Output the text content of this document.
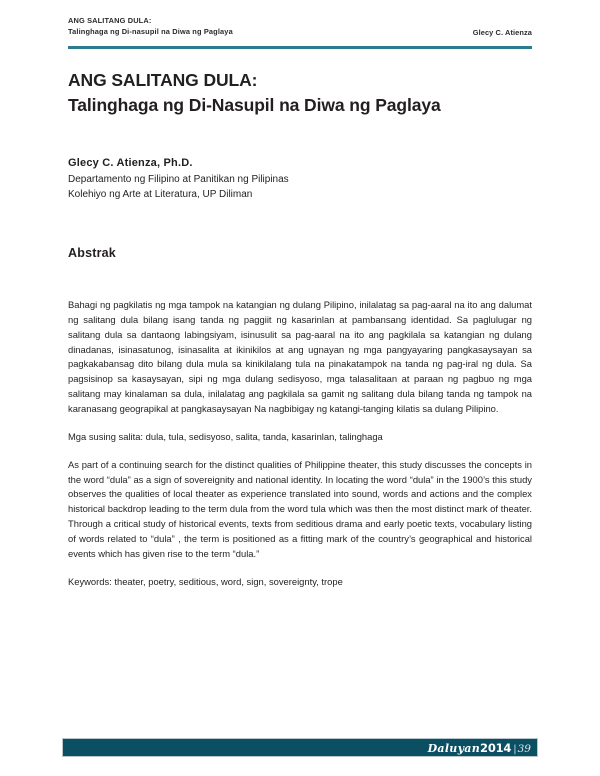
ANG SALITANG DULA:
Talinghaga ng Di-nasupil na Diwa ng Paglaya	Glecy C. Atienza
ANG SALITANG DULA:
Talinghaga ng Di-Nasupil na Diwa ng Paglaya
Glecy C. Atienza, Ph.D.
Departamento ng Filipino at Panitikan ng Pilipinas
Kolehiyo ng Arte at Literatura, UP Diliman
Abstrak

Bahagi ng pagkilatis ng mga tampok na katangian ng dulang Pilipino, inilalatag sa pag-aaral na ito ang dalumat ng salitang dula bilang isang tanda ng paggiit ng kasarinlan at pambansang identidad. Sa paglulugar ng salitang dula sa dantaong labingsiyam, isinusulit sa pag-aaral na ito ang pagkilala sa katangian ng dulang dinadanas, isinasatunog, isinasalita at ikinikilos at ang ugnayan ng mga pangyayaring pangkasaysayan sa pagkakabansag dito bilang dula mula sa kinikilalang tula na pinakatampok na tanda ng pag-iral ng dula. Sa pagsisinop sa kasaysayan, sipi ng mga dulang sedisyoso, mga talasalitaan at paraan ng pagbuo ng mga salitang may kinalaman sa dula, inilalatag ang pagkilala sa gamit ng salitang dula bilang tanda ng tampok na karanasang geograpikal at pangkasaysayan Na nagbibigay ng katangi-tanging kilatis sa dulang Pilipino.

Mga susing salita: dula, tula, sedisyoso, salita, tanda, kasarinlan, talinghaga

As part of a continuing search for the distinct qualities of Philippine theater, this study discusses the concepts in the word “dula” as a sign of sovereignity and national identity. In locating the word “dula” in the 1900’s this study observes the qualities of local theater as experience translated into sound, words and actions and the complex historical backdrop leading to the term dula from the word tula which was then the most distinct mark of theater. Through a critical study of historical events, texts from seditious drama and early poetic texts, vocabulary listing of words related to “dula” , the term is positioned as a fitting mark of the country’s geographical and historical events which has given rise to the term “dula.”

Keywords: theater, poetry, seditious, word, sign, sovereignty, trope

Daluyan 2014 | 39
